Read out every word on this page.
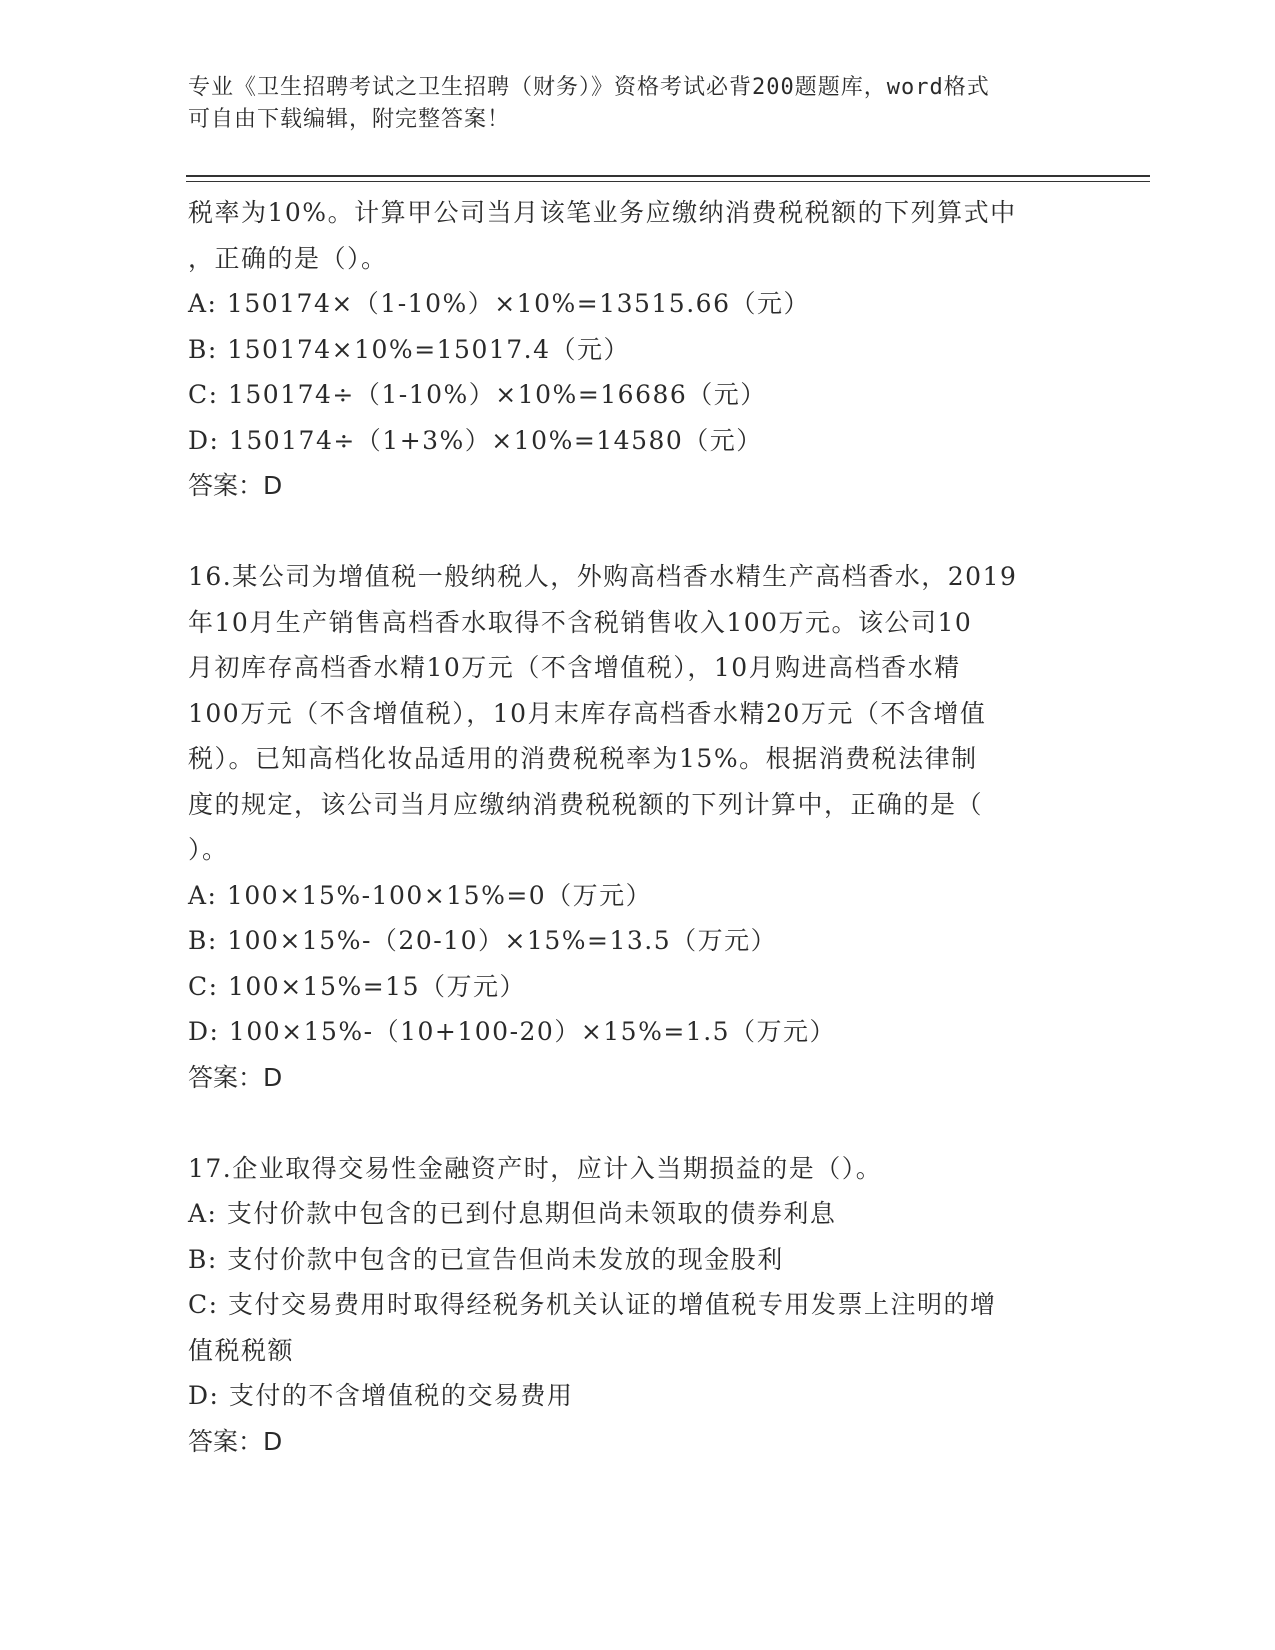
专业《卫生招聘考试之卫生招聘（财务）》资格考试必背200题题库，word格式
可自由下载编辑，附完整答案！
税率为10%。计算甲公司当月该笔业务应缴纳消费税税额的下列算式中
，正确的是（）。
A: 150174×（1-10%）×10%=13515.66（元）
B: 150174×10%=15017.4（元）
C: 150174÷（1-10%）×10%=16686（元）
D: 150174÷（1+3%）×10%=14580（元）
答案：D
16.某公司为增值税一般纳税人，外购高档香水精生产高档香水，2019
年10月生产销售高档香水取得不含税销售收入100万元。该公司10
月初库存高档香水精10万元（不含增值税），10月购进高档香水精
100万元（不含增值税），10月末库存高档香水精20万元（不含增值
税）。已知高档化妆品适用的消费税税率为15%。根据消费税法律制
度的规定，该公司当月应缴纳消费税税额的下列计算中，正确的是（
）。
A: 100×15%-100×15%=0（万元）
B: 100×15%-（20-10）×15%=13.5（万元）
C: 100×15%=15（万元）
D: 100×15%-（10+100-20）×15%=1.5（万元）
答案：D
17.企业取得交易性金融资产时，应计入当期损益的是（）。
A: 支付价款中包含的已到付息期但尚未领取的债券利息
B: 支付价款中包含的已宣告但尚未发放的现金股利
C: 支付交易费用时取得经税务机关认证的增值税专用发票上注明的增
值税税额
D: 支付的不含增值税的交易费用
答案：D
